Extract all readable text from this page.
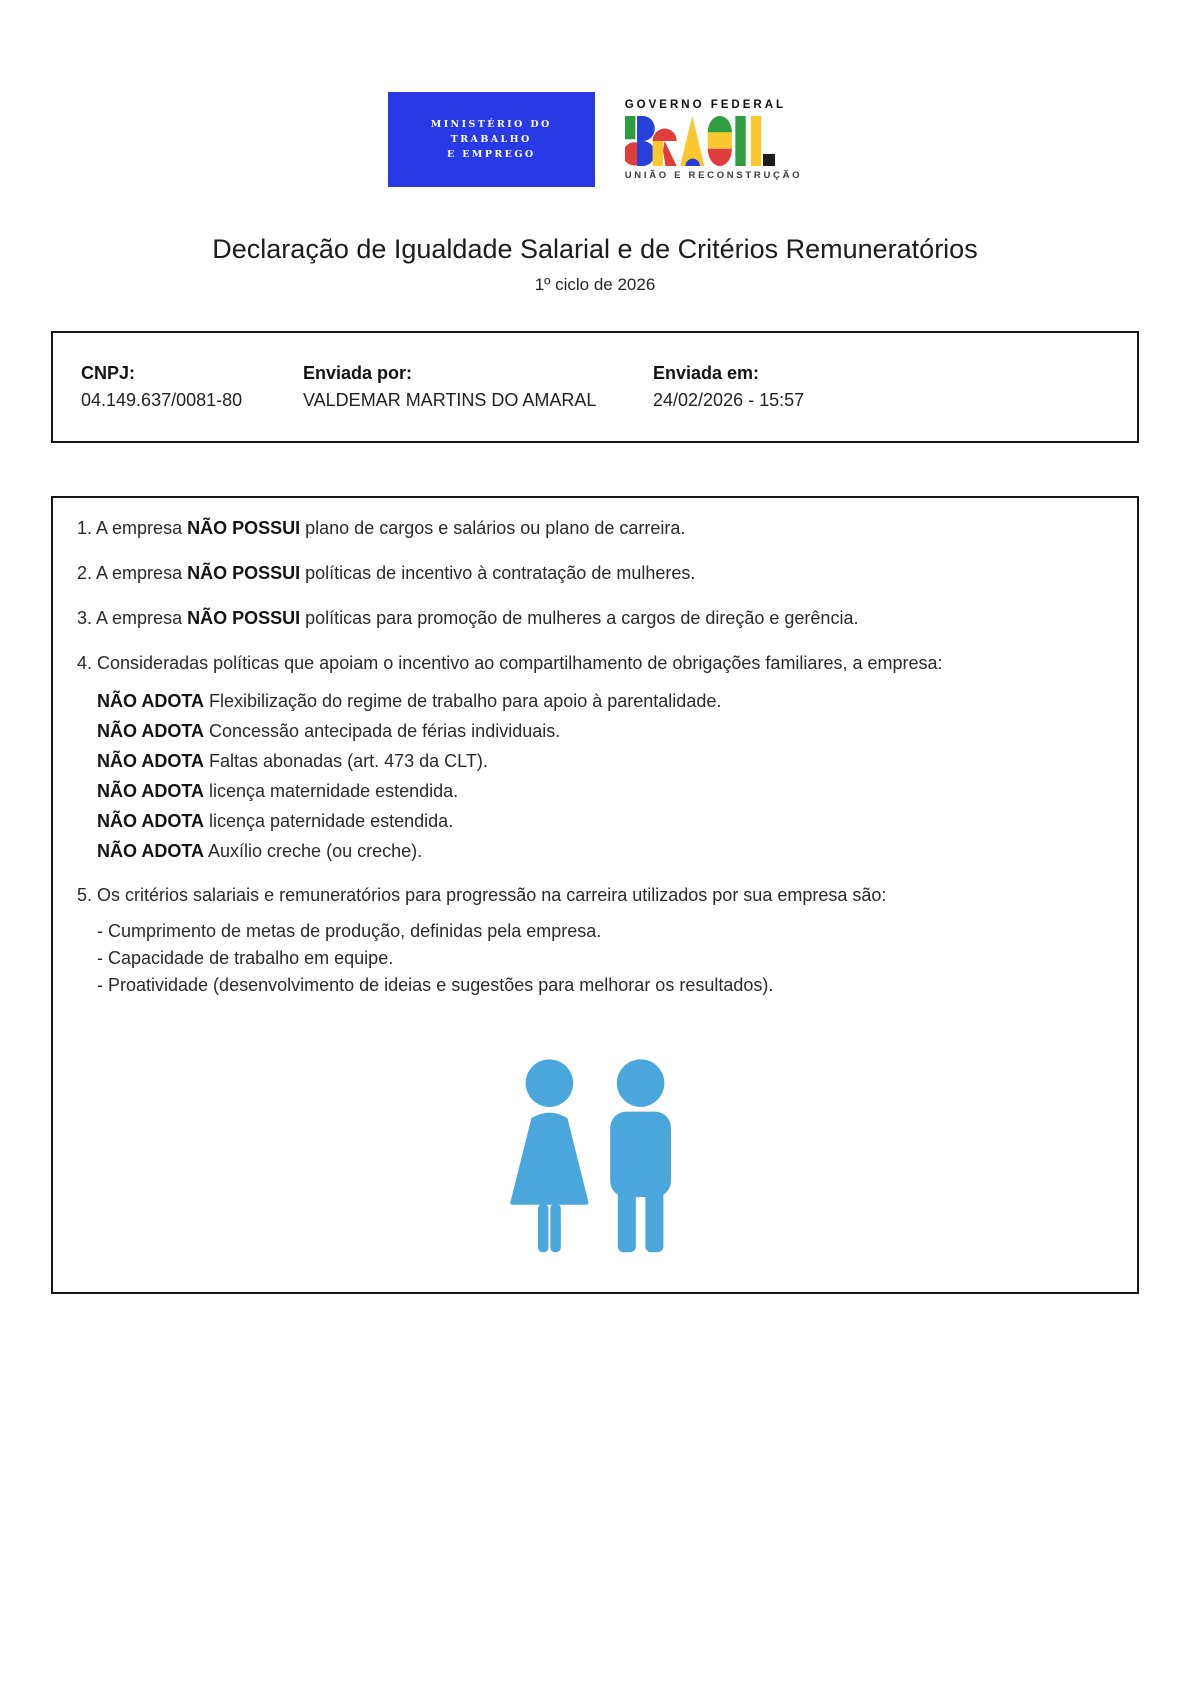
MINISTÉRIO DO
TRABALHO
E EMPREGO
GOVERNO FEDERAL
UNIÃO E RECONSTRUÇÃO
Declaração de Igualdade Salarial e de Critérios Remuneratórios
1º ciclo de 2026
CNPJ:
04.149.637/0081-80
Enviada por:
VALDEMAR MARTINS DO AMARAL
Enviada em:
24/02/2026 - 15:57

1. A empresa NÃO POSSUI plano de cargos e salários ou plano de carreira.

2. A empresa NÃO POSSUI políticas de incentivo à contratação de mulheres.

3. A empresa NÃO POSSUI políticas para promoção de mulheres a cargos de direção e gerência.

4. Consideradas políticas que apoiam o incentivo ao compartilhamento de obrigações familiares, a empresa:

NÃO ADOTA Flexibilização do regime de trabalho para apoio à parentalidade.
NÃO ADOTA Concessão antecipada de férias individuais.
NÃO ADOTA Faltas abonadas (art. 473 da CLT).
NÃO ADOTA licença maternidade estendida.
NÃO ADOTA licença paternidade estendida.
NÃO ADOTA Auxílio creche (ou creche).

5. Os critérios salariais e remuneratórios para progressão na carreira utilizados por sua empresa são:

- Cumprimento de metas de produção, definidas pela empresa.
- Capacidade de trabalho em equipe.
- Proatividade (desenvolvimento de ideias e sugestões para melhorar os resultados).
